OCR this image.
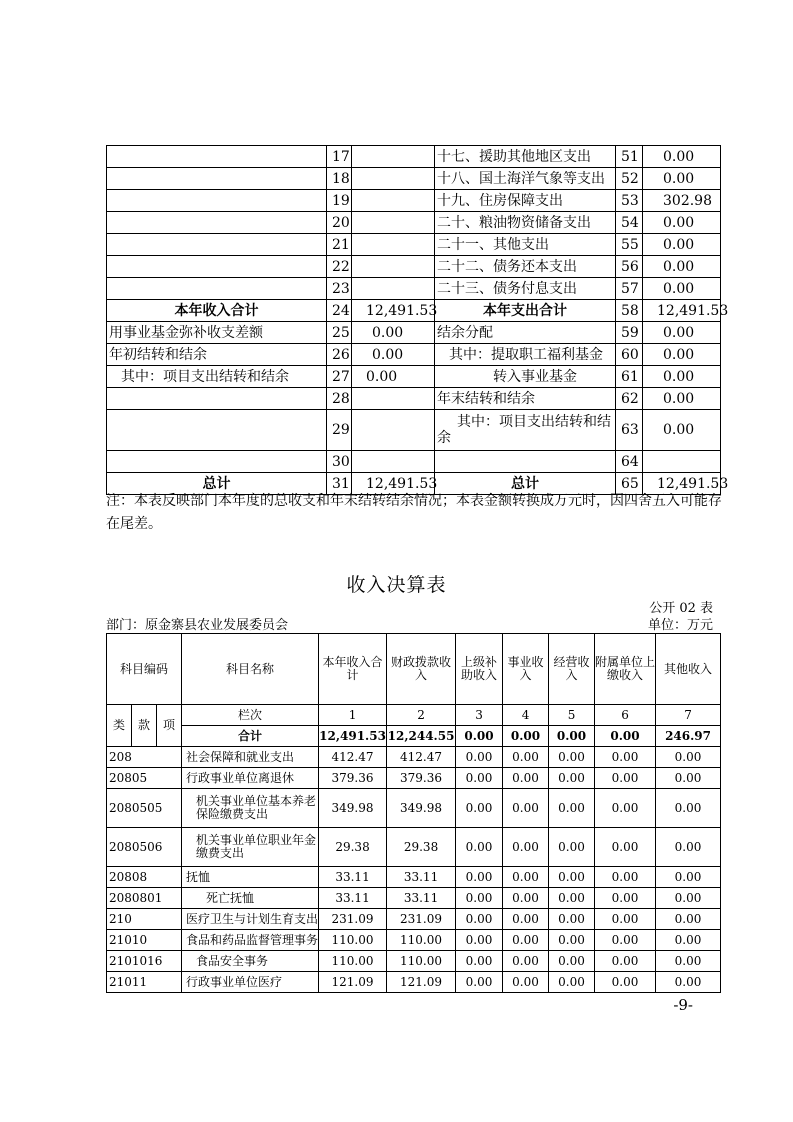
	17		十七、援助其他地区支出	51	0.00
	18		十八、国土海洋气象等支出	52	0.00
	19		十九、住房保障支出	53	302.98
	20		二十、粮油物资储备支出	54	0.00
	21		二十一、其他支出	55	0.00
	22		二十二、债务还本支出	56	0.00
	23		二十三、债务付息支出	57	0.00
本年收入合计	24	12,491.53	本年支出合计	58	12,491.53
用事业基金弥补收支差额	25	0.00	结余分配	59	0.00
年初结转和结余	26	0.00	其中：提取职工福利基金	60	0.00
其中：项目支出结转和结余	27	0.00	转入事业基金	61	0.00
	28		年末结转和结余	62	0.00
	29		其中：项目支出结转和结余	63	0.00
	30			64	
总计	31	12,491.53	总计	65	12,491.53
注：本表反映部门本年度的总收支和年末结转结余情况；本表金额转换成万元时，因四舍五入可能存在尾差。
收入决算表
公开 02 表
部门：原金寨县农业发展委员会	单位：万元
科目编码			科目名称	本年收入合计	财政拨款收入	上级补助收入	事业收入	经营收入	附属单位上缴收入	其他收入
类	款	项	栏次	1	2	3	4	5	6	7
			合计	12,491.53	12,244.55	0.00	0.00	0.00	0.00	246.97
208			社会保障和就业支出	412.47	412.47	0.00	0.00	0.00	0.00	0.00
20805			行政事业单位离退休	379.36	379.36	0.00	0.00	0.00	0.00	0.00
2080505			机关事业单位基本养老保险缴费支出	349.98	349.98	0.00	0.00	0.00	0.00	0.00
2080506			机关事业单位职业年金缴费支出	29.38	29.38	0.00	0.00	0.00	0.00	0.00
20808			抚恤	33.11	33.11	0.00	0.00	0.00	0.00	0.00
2080801			死亡抚恤	33.11	33.11	0.00	0.00	0.00	0.00	0.00
210			医疗卫生与计划生育支出	231.09	231.09	0.00	0.00	0.00	0.00	0.00
21010			食品和药品监督管理事务	110.00	110.00	0.00	0.00	0.00	0.00	0.00
2101016			食品安全事务	110.00	110.00	0.00	0.00	0.00	0.00	0.00
21011			行政事业单位医疗	121.09	121.09	0.00	0.00	0.00	0.00	0.00
-9-
